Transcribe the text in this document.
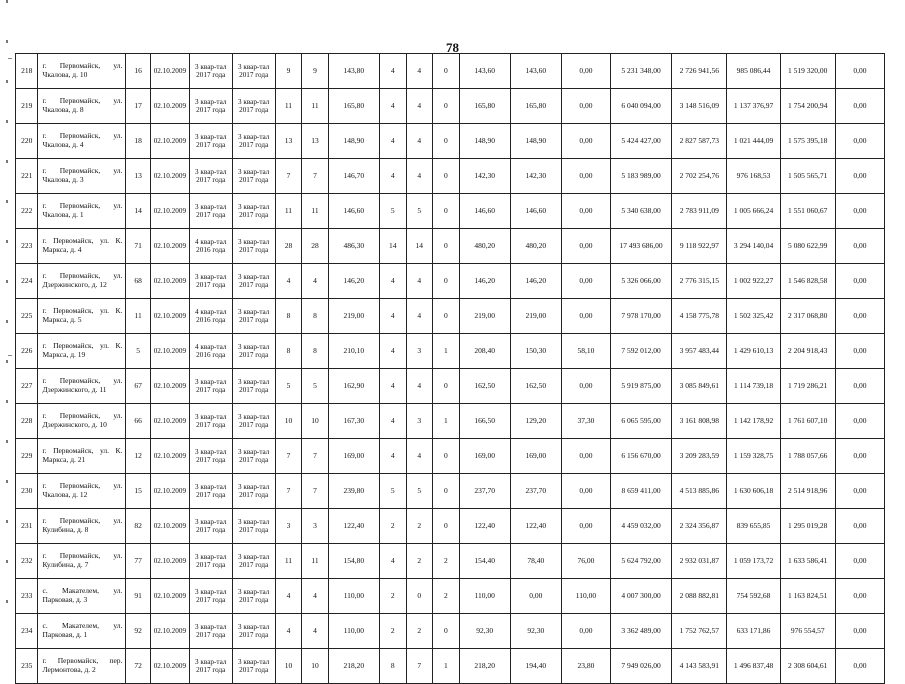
78
218	г. Первомайск, ул. Чкалова, д. 10	16	02.10.2009	3 квар-тал 2017 года	3 квар-тал 2017 года	9	9	143,80	4	4	0	143,60	143,60	0,00	5 231 348,00	2 726 941,56	985 086,44	1 519 320,00	0,00
219	г. Первомайск, ул. Чкалова, д. 8	17	02.10.2009	3 квар-тал 2017 года	3 квар-тал 2017 года	11	11	165,80	4	4	0	165,80	165,80	0,00	6 040 094,00	3 148 516,09	1 137 376,97	1 754 200,94	0,00
220	г. Первомайск, ул. Чкалова, д. 4	18	02.10.2009	3 квар-тал 2017 года	3 квар-тал 2017 года	13	13	148,90	4	4	0	148,90	148,90	0,00	5 424 427,00	2 827 587,73	1 021 444,09	1 575 395,18	0,00
221	г. Первомайск, ул. Чкалова, д. 3	13	02.10.2009	3 квар-тал 2017 года	3 квар-тал 2017 года	7	7	146,70	4	4	0	142,30	142,30	0,00	5 183 989,00	2 702 254,76	976 168,53	1 505 565,71	0,00
222	г. Первомайск, ул. Чкалова, д. 1	14	02.10.2009	3 квар-тал 2017 года	3 квар-тал 2017 года	11	11	146,60	5	5	0	146,60	146,60	0,00	5 340 638,00	2 783 911,09	1 005 666,24	1 551 060,67	0,00
223	г. Первомайск, ул. К. Маркса, д. 4	71	02.10.2009	4 квар-тал 2016 года	3 квар-тал 2017 года	28	28	486,30	14	14	0	480,20	480,20	0,00	17 493 686,00	9 118 922,97	3 294 140,04	5 080 622,99	0,00
224	г. Первомайск, ул. Дзержинского, д. 12	68	02.10.2009	3 квар-тал 2017 года	3 квар-тал 2017 года	4	4	146,20	4	4	0	146,20	146,20	0,00	5 326 066,00	2 776 315,15	1 002 922,27	1 546 828,58	0,00
225	г. Первомайск, ул. К. Маркса, д. 5	11	02.10.2009	4 квар-тал 2016 года	3 квар-тал 2017 года	8	8	219,00	4	4	0	219,00	219,00	0,00	7 978 170,00	4 158 775,78	1 502 325,42	2 317 068,80	0,00
226	г. Первомайск, ул. К. Маркса, д. 19	5	02.10.2009	4 квар-тал 2016 года	3 квар-тал 2017 года	8	8	210,10	4	3	1	208,40	150,30	58,10	7 592 012,00	3 957 483,44	1 429 610,13	2 204 918,43	0,00
227	г. Первомайск, ул. Дзержинского, д. 11	67	02.10.2009	3 квар-тал 2017 года	3 квар-тал 2017 года	5	5	162,90	4	4	0	162,50	162,50	0,00	5 919 875,00	3 085 849,61	1 114 739,18	1 719 286,21	0,00
228	г. Первомайск, ул. Дзержинского, д. 10	66	02.10.2009	3 квар-тал 2017 года	3 квар-тал 2017 года	10	10	167,30	4	3	1	166,50	129,20	37,30	6 065 595,00	3 161 808,98	1 142 178,92	1 761 607,10	0,00
229	г. Первомайск, ул. К. Маркса, д. 21	12	02.10.2009	3 квар-тал 2017 года	3 квар-тал 2017 года	7	7	169,00	4	4	0	169,00	169,00	0,00	6 156 670,00	3 209 283,59	1 159 328,75	1 788 057,66	0,00
230	г. Первомайск, ул. Чкалова, д. 12	15	02.10.2009	3 квар-тал 2017 года	3 квар-тал 2017 года	7	7	239,80	5	5	0	237,70	237,70	0,00	8 659 411,00	4 513 885,86	1 630 606,18	2 514 918,96	0,00
231	г. Первомайск, ул. Кулибина, д. 8	82	02.10.2009	3 квар-тал 2017 года	3 квар-тал 2017 года	3	3	122,40	2	2	0	122,40	122,40	0,00	4 459 032,00	2 324 356,87	839 655,85	1 295 019,28	0,00
232	г. Первомайск, ул. Кулибина, д. 7	77	02.10.2009	3 квар-тал 2017 года	3 квар-тал 2017 года	11	11	154,80	4	2	2	154,40	78,40	76,00	5 624 792,00	2 932 031,87	1 059 173,72	1 633 586,41	0,00
233	с. Макателем, ул. Парковая, д. 3	91	02.10.2009	3 квар-тал 2017 года	3 квар-тал 2017 года	4	4	110,00	2	0	2	110,00	0,00	110,00	4 007 300,00	2 088 882,81	754 592,68	1 163 824,51	0,00
234	с. Макателем, ул. Парковая, д. 1	92	02.10.2009	3 квар-тал 2017 года	3 квар-тал 2017 года	4	4	110,00	2	2	0	92,30	92,30	0,00	3 362 489,00	1 752 762,57	633 171,86	976 554,57	0,00
235	г. Первомайск, пер. Лермонтова, д. 2	72	02.10.2009	3 квар-тал 2017 года	3 квар-тал 2017 года	10	10	218,20	8	7	1	218,20	194,40	23,80	7 949 026,00	4 143 583,91	1 496 837,48	2 308 604,61	0,00
